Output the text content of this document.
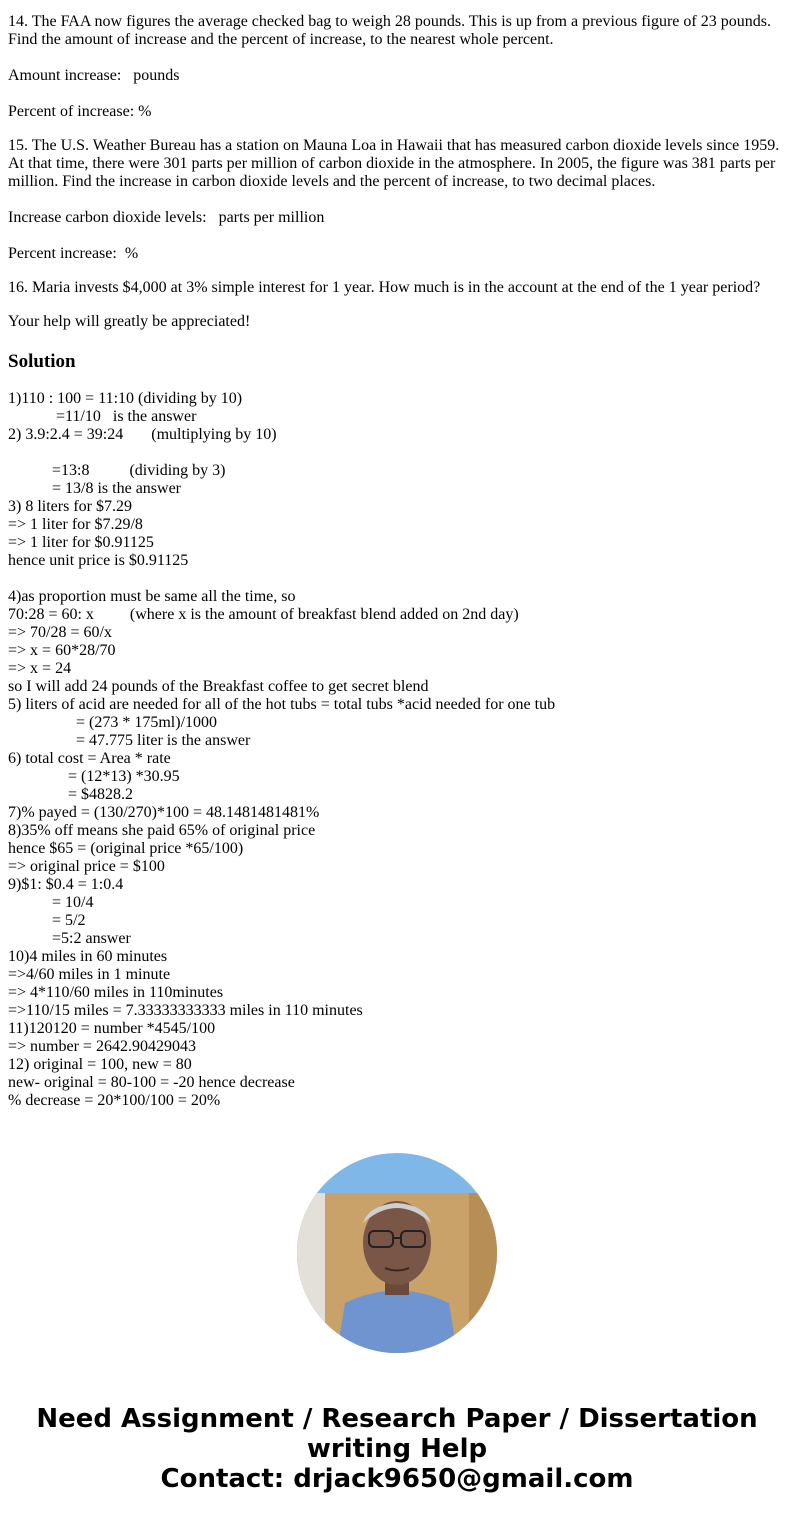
14. The FAA now figures the average checked bag to weigh 28 pounds. This is up from a previous figure of 23 pounds. Find the amount of increase and the percent of increase, to the nearest whole percent.
Amount increase:   pounds
Percent of increase: %
15. The U.S. Weather Bureau has a station on Mauna Loa in Hawaii that has measured carbon dioxide levels since 1959. At that time, there were 301 parts per million of carbon dioxide in the atmosphere. In 2005, the figure was 381 parts per million. Find the increase in carbon dioxide levels and the percent of increase, to two decimal places.
Increase carbon dioxide levels:   parts per million
Percent increase:  %
16. Maria invests $4,000 at 3% simple interest for 1 year. How much is in the account at the end of the 1 year period?
Your help will greatly be appreciated!
Solution
1)110 : 100 = 11:10 (dividing by 10)
=11/10   is the answer
2) 3.9:2.4 = 39:24       (multiplying by 10)

=13:8          (dividing by 3)
= 13/8 is the answer
3) 8 liters for $7.29
=> 1 liter for $7.29/8
=> 1 liter for $0.91125
hence unit price is $0.91125

4)as proportion must be same all the time, so
70:28 = 60: x         (where x is the amount of breakfast blend added on 2nd day)
=> 70/28 = 60/x
=> x = 60*28/70
=> x = 24
so I will add 24 pounds of the Breakfast coffee to get secret blend
5) liters of acid are needed for all of the hot tubs = total tubs *acid needed for one tub
= (273 * 175ml)/1000
= 47.775 liter is the answer
6) total cost = Area * rate
= (12*13) *30.95
= $4828.2
7)% payed = (130/270)*100 = 48.1481481481%
8)35% off means she paid 65% of original price
hence $65 = (original price *65/100)
=> original price = $100
9)$1: $0.4 = 1:0.4
= 10/4
= 5/2
=5:2 answer
10)4 miles in 60 minutes
=>4/60 miles in 1 minute
=> 4*110/60 miles in 110minutes
=>110/15 miles = 7.33333333333 miles in 110 minutes
11)120120 = number *4545/100
=> number = 2642.90429043
12) original = 100, new = 80
new- original = 80-100 = -20 hence decrease
% decrease = 20*100/100 = 20%
Need Assignment / Research Paper / Dissertation
writing Help
Contact: drjack9650@gmail.com
